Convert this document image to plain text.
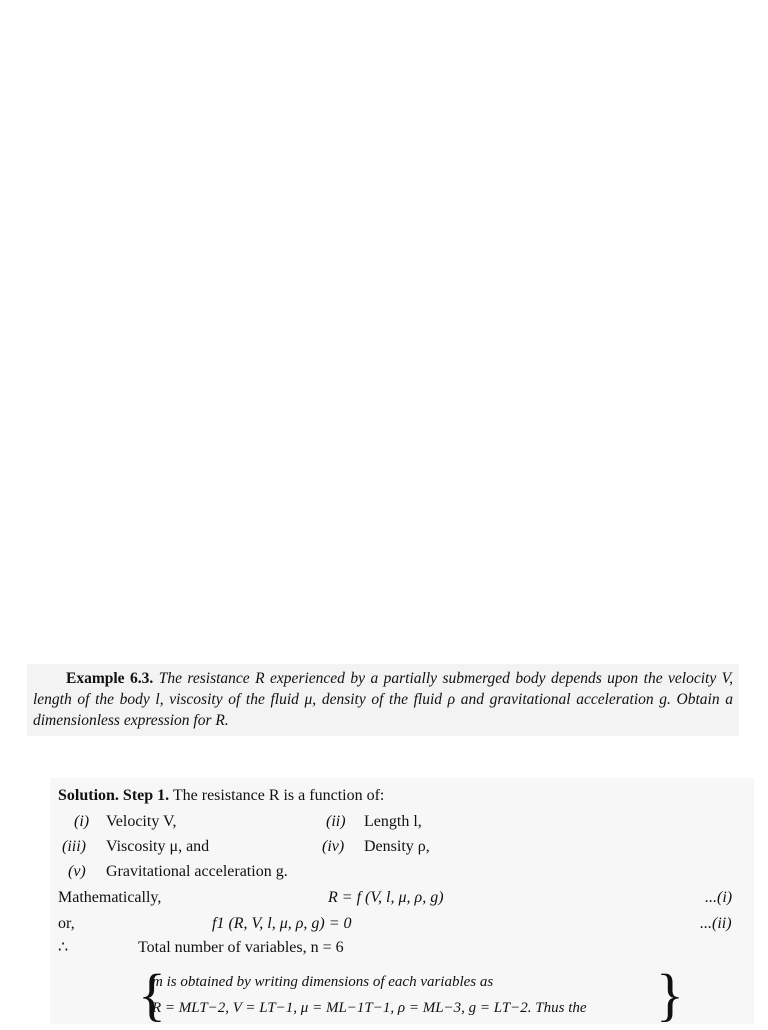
Example 6.3. The resistance R experienced by a partially submerged body depends upon the velocity V, length of the body l, viscosity of the fluid μ, density of the fluid ρ and gravitational acceleration g. Obtain a dimensionless expression for R.

Solution. Step 1. The resistance R is a function of:
(i) Velocity V,	(ii) Length l,
(iii) Viscosity μ, and	(iv) Density ρ,
(v) Gravitational acceleration g.
Mathematically,	R = f (V, l, μ, ρ, g)	...(i)
or,	f1 (R, V, l, μ, ρ, g) = 0	...(ii)
∴	Total number of variables, n = 6
{	}
m is obtained by writing dimensions of each variables as
R = MLT−2, V = LT−1, μ = ML−1T−1, ρ = ML−3, g = LT−2. Thus the
